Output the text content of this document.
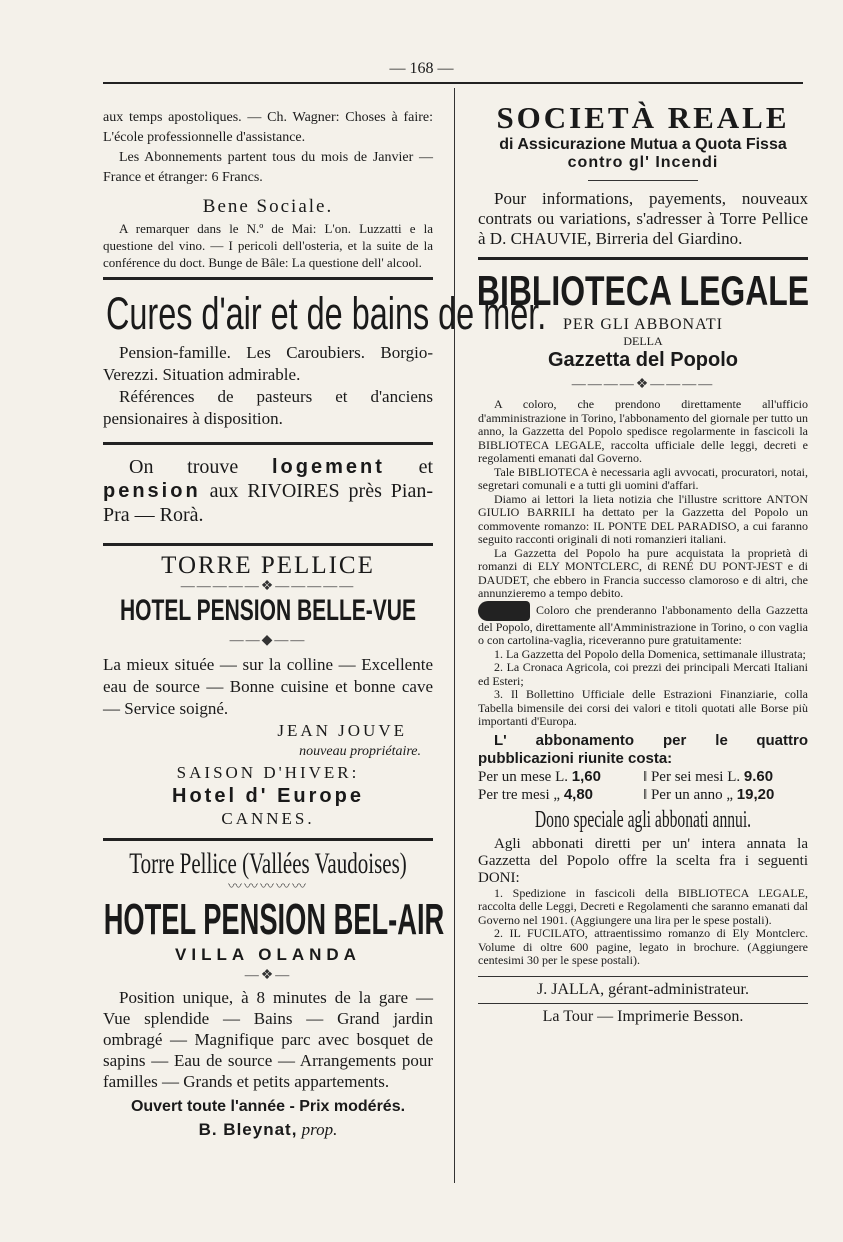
— 168 —
aux temps apostoliques. — Ch. Wagner: Choses à faire: L'école professionnelle d'assistance.
Les Abonnements partent tous du mois de Janvier — France et étranger: 6 Francs.
Bene Sociale.
A remarquer dans le N.º de Mai: L'on. Luzzatti e la questione del vino. — I pericoli dell'osteria, et la suite de la conférence du doct. Bunge de Bâle: La questione dell' alcool.
Cures d'air et de bains de mer.
Pension-famille. Les Caroubiers. Borgio-Verezzi. Situation admirable.
Références de pasteurs et d'anciens pensionaires à disposition.
On trouve logement et pension aux RIVOIRES près Pian-Pra — Rorà.
TORRE PELLICE
—————❖—————
HOTEL PENSION BELLE-VUE
——◆——
La mieux située — sur la colline — Excellente eau de source — Bonne cuisine et bonne cave — Service soigné.
JEAN JOUVE
nouveau propriétaire.
SAISON D'HIVER:
Hotel d' Europe
CANNES.
Torre Pellice (Vallées Vaudoises)
〰〰〰〰〰
HOTEL PENSION BEL-AIR
VILLA OLANDA
—❖—
Position unique, à 8 minutes de la gare — Vue splendide — Bains — Grand jardin ombragé — Magnifique parc avec bosquet de sapins — Eau de source — Arrangements pour familles — Grands et petits appartements.
Ouvert toute l'année - Prix modérés.
B. Bleynat, prop.
SOCIETÀ REALE
di Assicurazione Mutua a Quota Fissa
contro gl' Incendi
Pour informations, payements, nouveaux contrats ou variations, s'adresser à Torre Pellice à D. CHAUVIE, Birreria del Giardino.
BIBLIOTECA LEGALE
PER GLI ABBONATI
DELLA
Gazzetta del Popolo
————❖————
A coloro, che prendono direttamente all'ufficio d'amministrazione in Torino, l'abbonamento del giornale per tutto un anno, la Gazzetta del Popolo spedisce regolarmente in fascicoli la BIBLIOTECA LEGALE, raccolta ufficiale delle leggi, decreti e regolamenti emanati dal Governo.
Tale BIBLIOTECA è necessaria agli avvocati, procuratori, notai, segretari comunali e a tutti gli uomini d'affari.
Diamo ai lettori la lieta notizia che l'illustre scrittore ANTON GIULIO BARRILI ha dettato per la Gazzetta del Popolo un commovente romanzo: IL PONTE DEL PARADISO, a cui faranno seguito racconti originali di noti romanzieri italiani.
La Gazzetta del Popolo ha pure acquistata la proprietà di romanzi di ELY MONTCLERC, di RENÉ DU PONT-JEST e di DAUDET, che ebbero in Francia successo clamoroso e di altri, che annunzieremo a tempo debito.
Coloro che prenderanno l'abbonamento della Gazzetta del Popolo, direttamente all'Amministrazione in Torino, o con vaglia o con cartolina-vaglia, riceveranno pure gratuitamente:
1. La Gazzetta del Popolo della Domenica, settimanale illustrata;
2. La Cronaca Agricola, coi prezzi dei principali Mercati Italiani ed Esteri;
3. Il Bollettino Ufficiale delle Estrazioni Finanziarie, colla Tabella bimensile dei corsi dei valori e titoli quotati alle Borse più importanti d'Europa.
L' abbonamento per le quattro pubblicazioni riunite costa:
Per un mese L. 1,60	‖ Per sei mesi L. 9.60
Per tre mesi „ 4,80	‖ Per un anno „ 19,20
Dono speciale agli abbonati annui.
Agli abbonati diretti per un' intera annata la Gazzetta del Popolo offre la scelta fra i seguenti DONI:
1. Spedizione in fascicoli della BIBLIOTECA LEGALE, raccolta delle Leggi, Decreti e Regolamenti che saranno emanati dal Governo nel 1901. (Aggiungere una lira per le spese postali).
2. IL FUCILATO, attraentissimo romanzo di Ely Montclerc. Volume di oltre 600 pagine, legato in brochure. (Aggiungere centesimi 30 per le spese postali).
J. JALLA, gérant-administrateur.
La Tour — Imprimerie Besson.
